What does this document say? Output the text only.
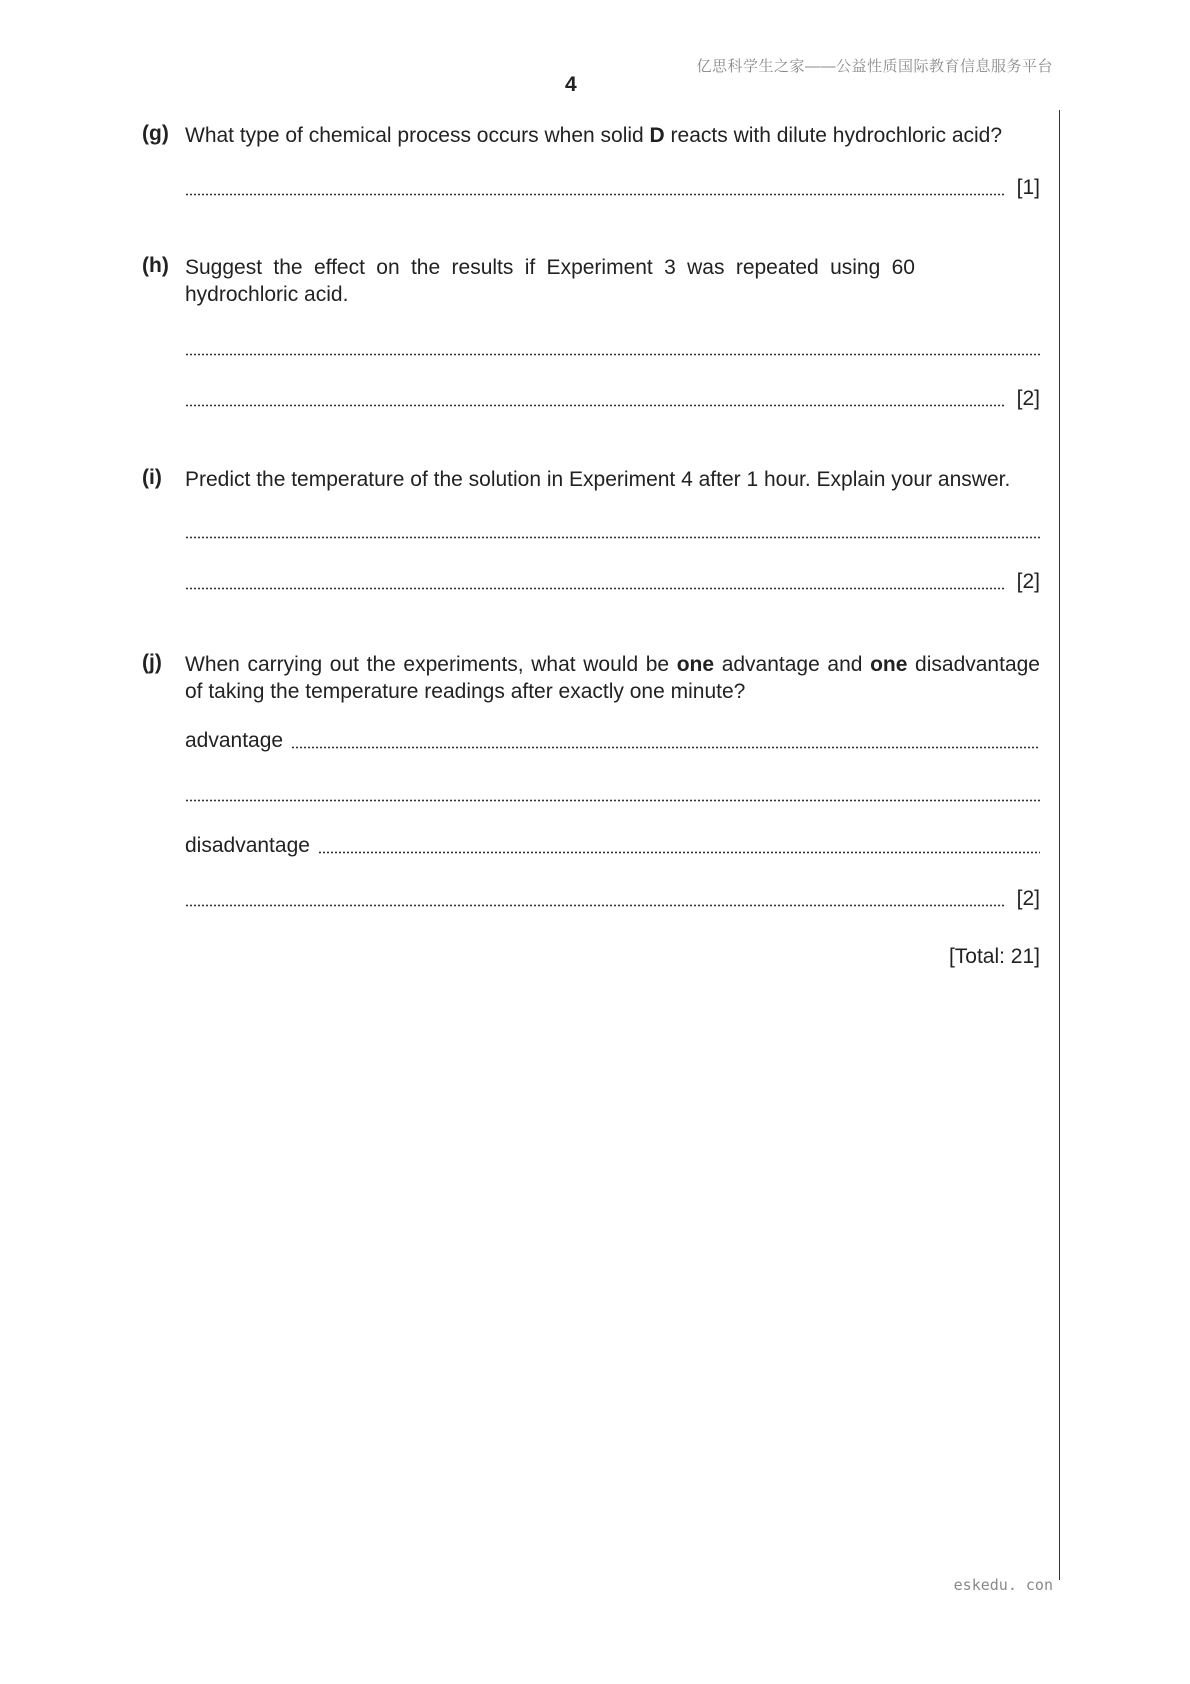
亿思科学生之家——公益性质国际教育信息服务平台
4
(g) What type of chemical process occurs when solid D reacts with dilute hydrochloric acid?
[1]
(h) Suggest the effect on the results if Experiment 3 was repeated using 60
hydrochloric acid.
[2]
(i) Predict the temperature of the solution in Experiment 4 after 1 hour. Explain your answer.
[2]
(j) When carrying out the experiments, what would be one advantage and one disadvantage of taking the temperature readings after exactly one minute?
advantage
disadvantage
[2]
[Total: 21]
eskedu. con
